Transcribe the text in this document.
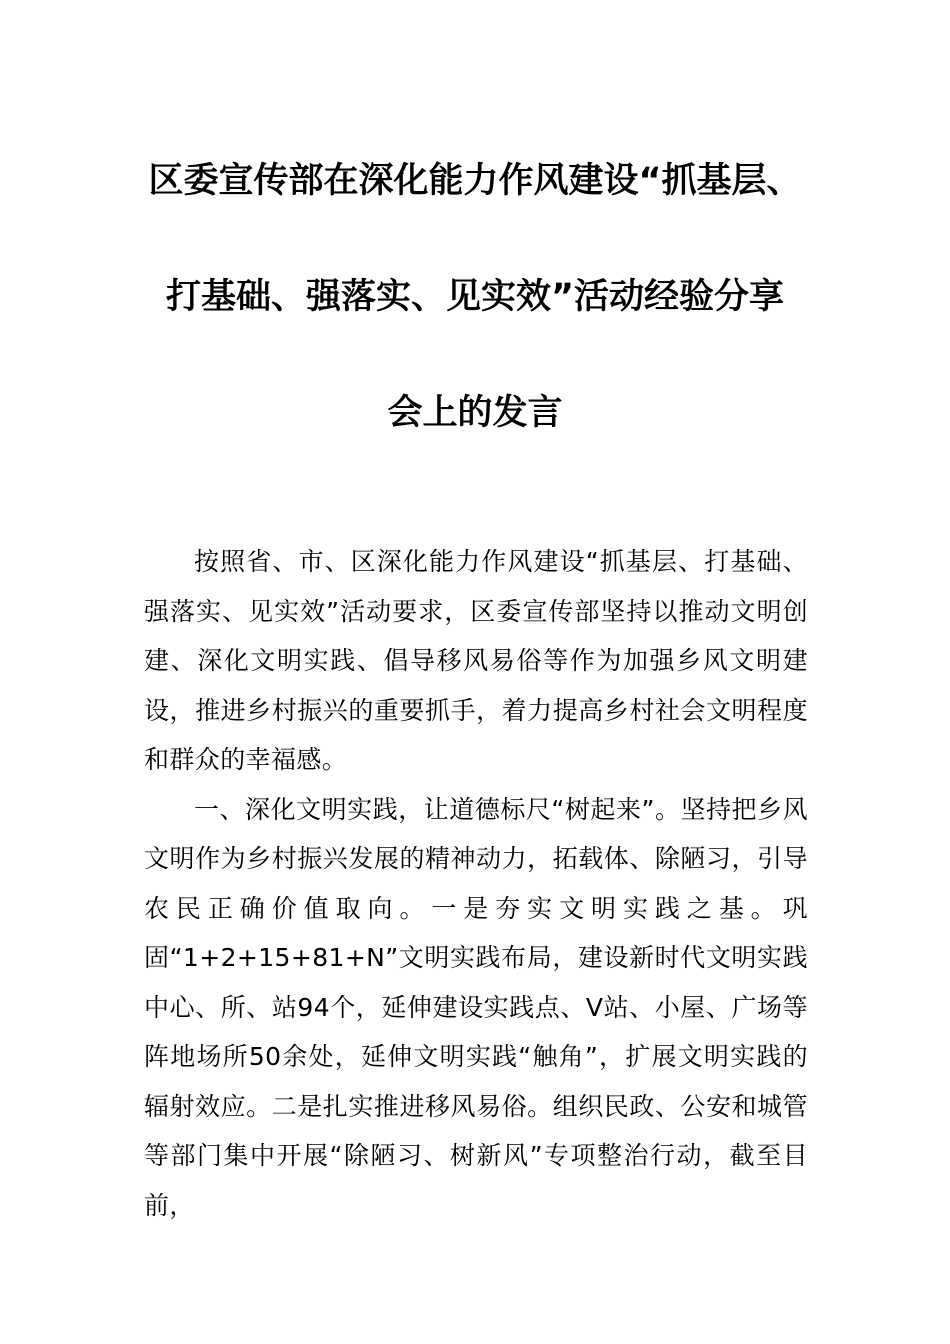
区委宣传部在深化能力作风建设“抓基层、
打基础、强落实、见实效”活动经验分享
会上的发言

按照省、市、区深化能力作风建设“抓基层、打基础、强落实、见实效”活动要求，区委宣传部坚持以推动文明创建、深化文明实践、倡导移风易俗等作为加强乡风文明建设，推进乡村振兴的重要抓手，着力提高乡村社会文明程度和群众的幸福感。

一、深化文明实践，让道德标尺“树起来”。坚持把乡风文明作为乡村振兴发展的精神动力，拓载体、除陋习，引导农民正确价值取向。一是夯实文明实践之基。巩固“1+2+15+81+N”文明实践布局，建设新时代文明实践中心、所、站94个，延伸建设实践点、V站、小屋、广场等阵地场所50余处，延伸文明实践“触角”，扩展文明实践的辐射效应。二是扎实推进移风易俗。组织民政、公安和城管等部门集中开展“除陋习、树新风”专项整治行动，截至目前，
